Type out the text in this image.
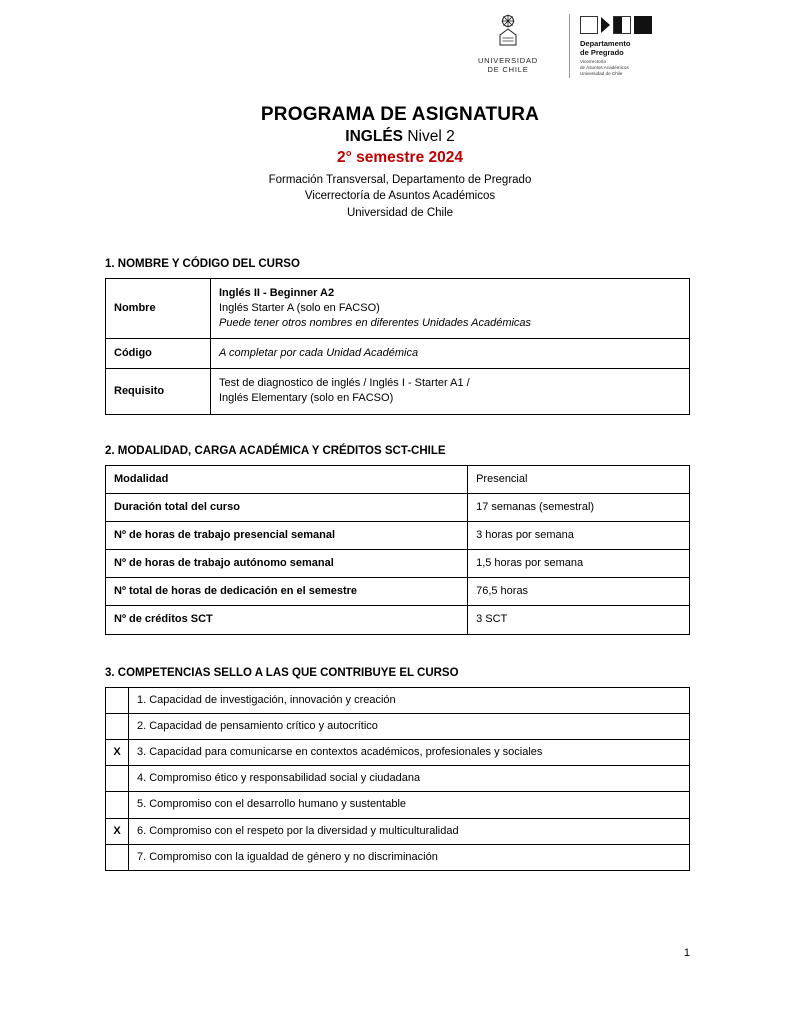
UNIVERSIDAD
DE CHILE
Departamento
de Pregrado
Vicerrectoría
de Asuntos Académicos
Universidad de Chile
PROGRAMA DE ASIGNATURA
INGLÉS Nivel 2
2° semestre 2024
Formación Transversal, Departamento de Pregrado
Vicerrectoría de Asuntos Académicos
Universidad de Chile
1. NOMBRE Y CÓDIGO DEL CURSO
Nombre	Inglés II - Beginner A2
Inglés Starter A (solo en FACSO)
Puede tener otros nombres en diferentes Unidades Académicas

Código	A completar por cada Unidad Académica

Requisito	Test de diagnostico de inglés / Inglés I - Starter A1 /
Inglés Elementary (solo en FACSO)
2. MODALIDAD, CARGA ACADÉMICA Y CRÉDITOS SCT-CHILE
Modalidad	Presencial
Duración total del curso	17 semanas (semestral)
Nº de horas de trabajo presencial semanal	3 horas por semana
Nº de horas de trabajo autónomo semanal	1,5 horas por semana
Nº total de horas de dedicación en el semestre	76,5 horas
Nº de créditos SCT	3 SCT
3. COMPETENCIAS SELLO A LAS QUE CONTRIBUYE EL CURSO
	1. Capacidad de investigación, innovación y creación
	2. Capacidad de pensamiento crítico y autocrítico
X	3. Capacidad para comunicarse en contextos académicos, profesionales y sociales
	4. Compromiso ético y responsabilidad social y ciudadana
	5. Compromiso con el desarrollo humano y sustentable
X	6. Compromiso con el respeto por la diversidad y multiculturalidad
	7. Compromiso con la igualdad de género y no discriminación
1
